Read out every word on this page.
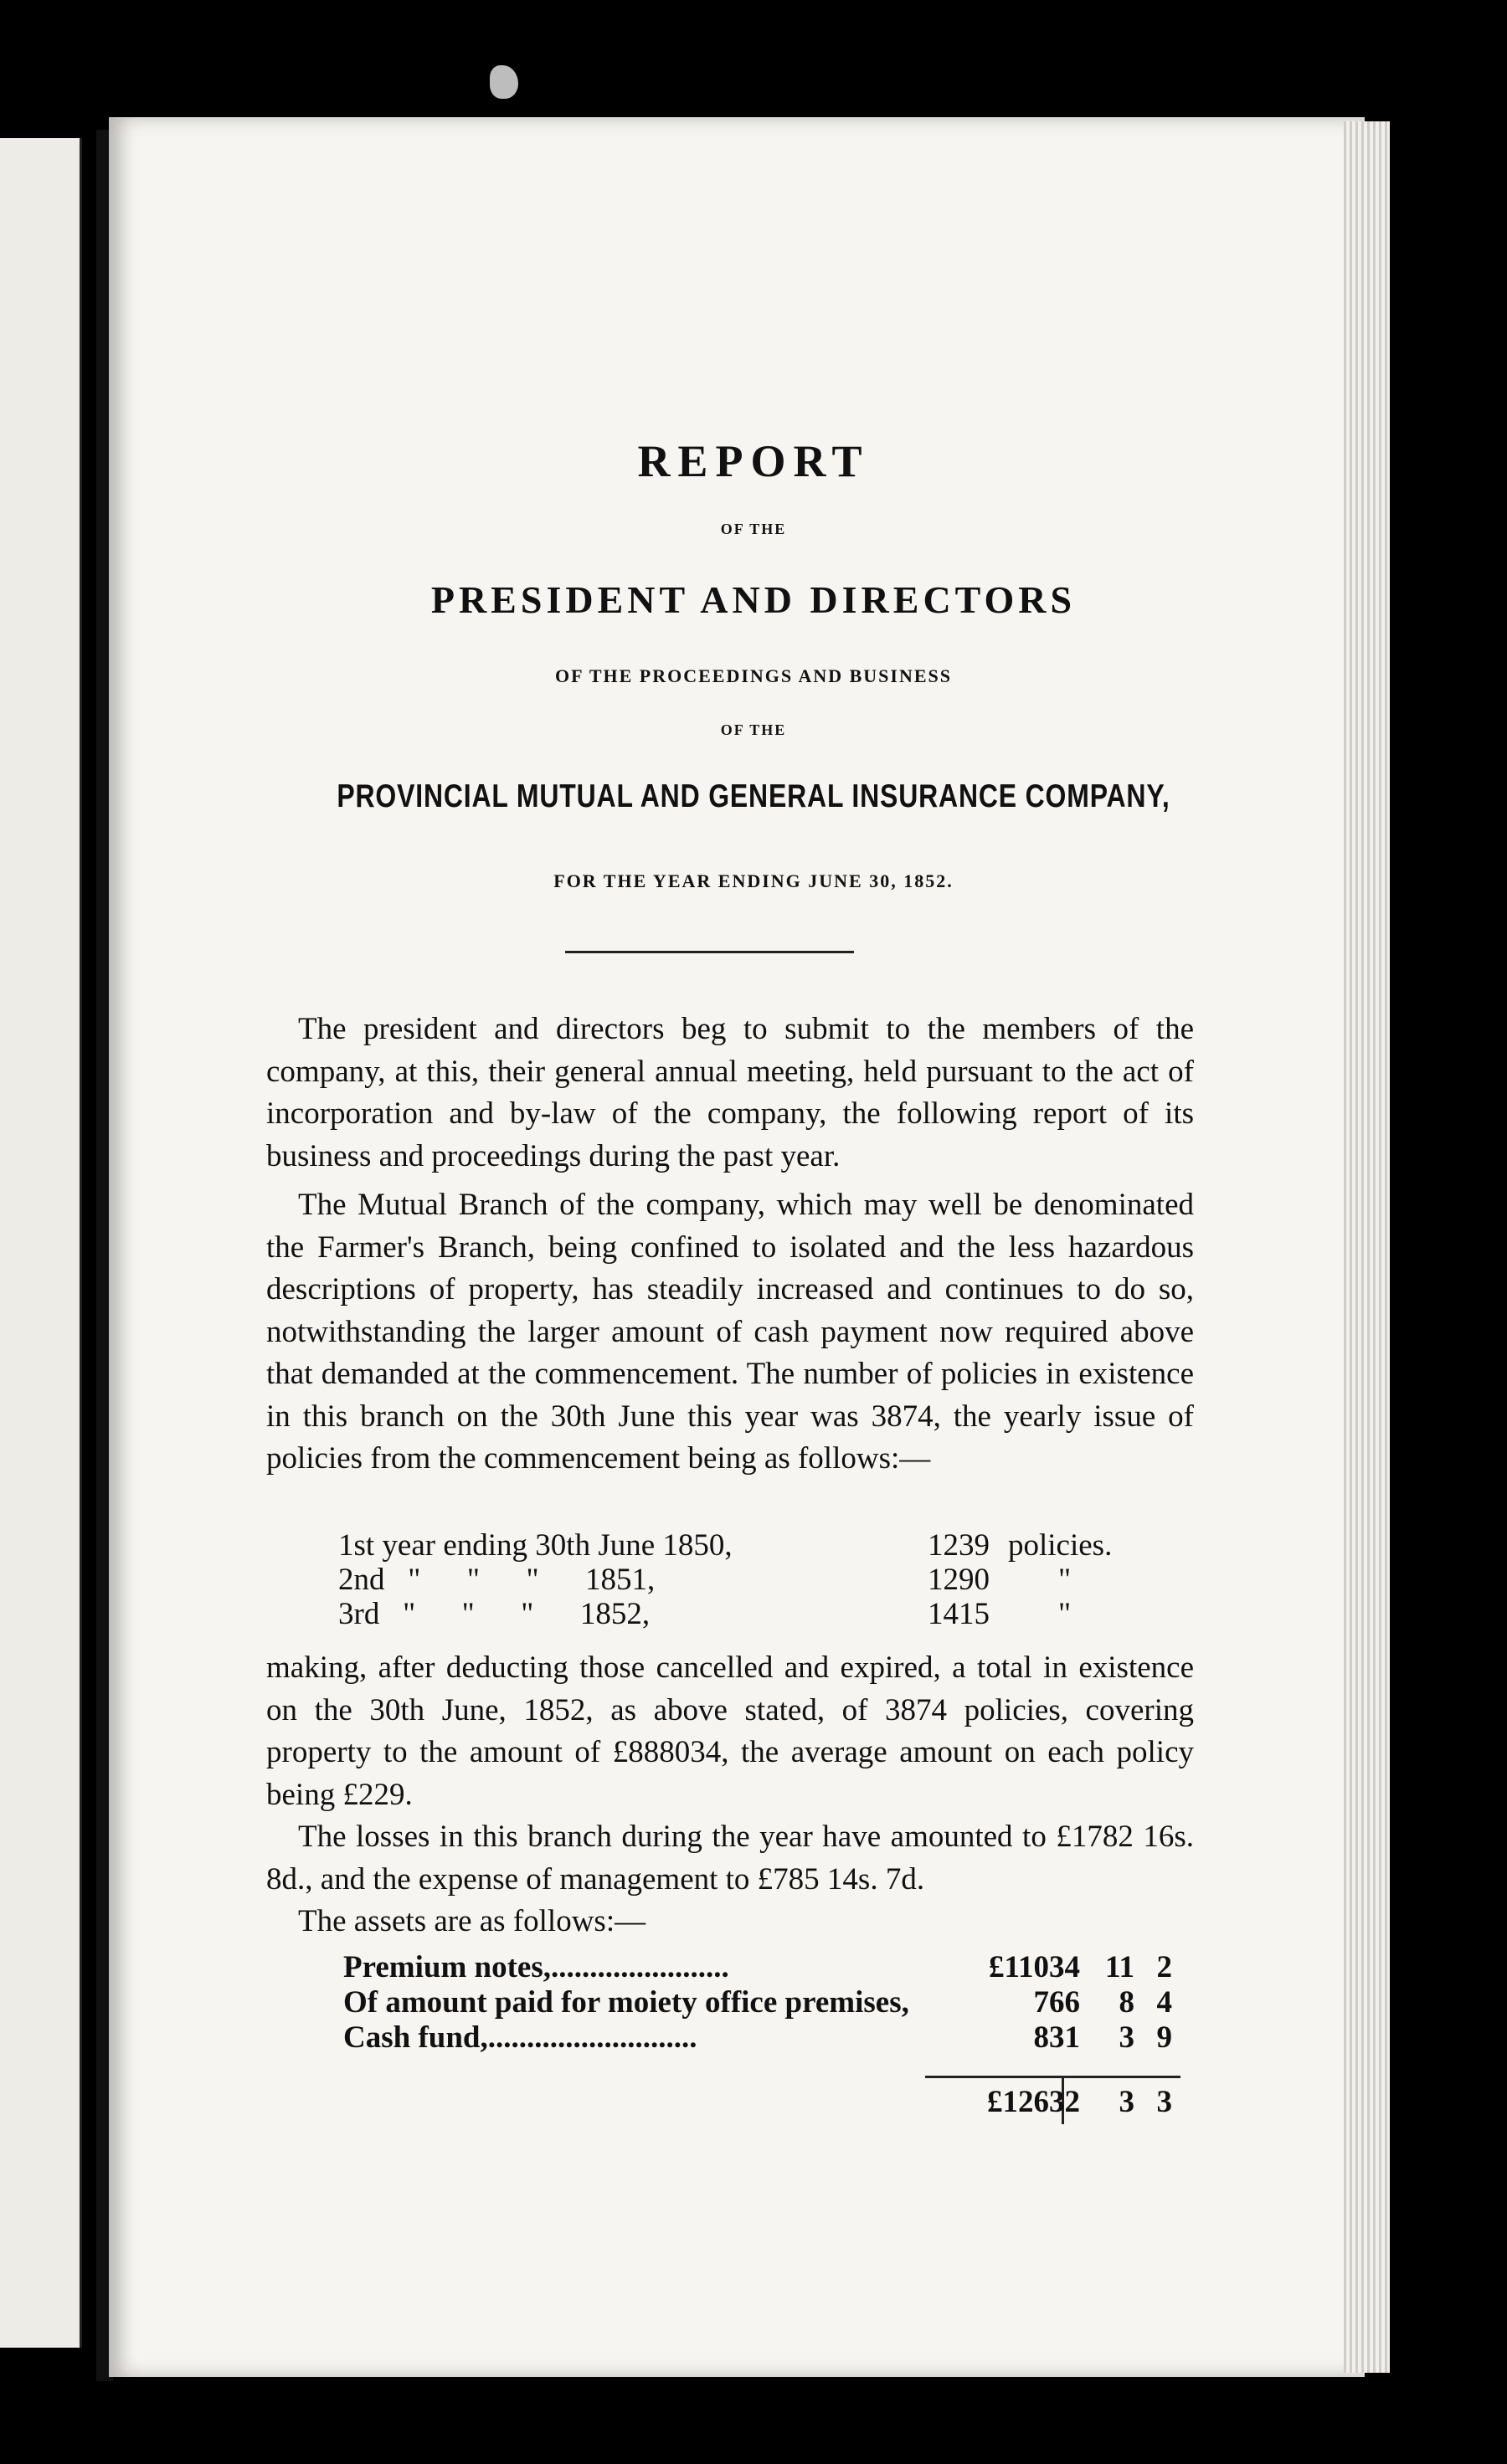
REPORT
OF THE
PRESIDENT AND DIRECTORS
OF THE PROCEEDINGS AND BUSINESS
OF THE
PROVINCIAL MUTUAL AND GENERAL INSURANCE COMPANY,
FOR THE YEAR ENDING JUNE 30, 1852.

The president and directors beg to submit to the members of the company, at this, their general annual meeting, held pursuant to the act of incorporation and by-law of the company, the following report of its business and proceedings during the past year.

The Mutual Branch of the company, which may well be denominated the Farmer's Branch, being confined to isolated and the less hazardous descriptions of property, has steadily increased and continues to do so, notwithstanding the larger amount of cash payment now required above that demanded at the commencement. The number of policies in existence in this branch on the 30th June this year was 3874, the yearly issue of policies from the commencement being as follows:—

1st year ending 30th June 1850,	1239 policies.
2nd   "      "      "      1851,	1290 "
3rd   "      "      "      1852,	1415 "

making, after deducting those cancelled and expired, a total in existence on the 30th June, 1852, as above stated, of 3874 policies, covering property to the amount of £888034, the average amount on each policy being £229.

The losses in this branch during the year have amounted to £1782 16s. 8d., and the expense of management to £785 14s. 7d.

The assets are as follows:—

Premium notes,.......................	£11034 11 2
Of amount paid for moiety office premises,	766	8 4
Cash fund,...........................	831	3 9
£12632	3 3
